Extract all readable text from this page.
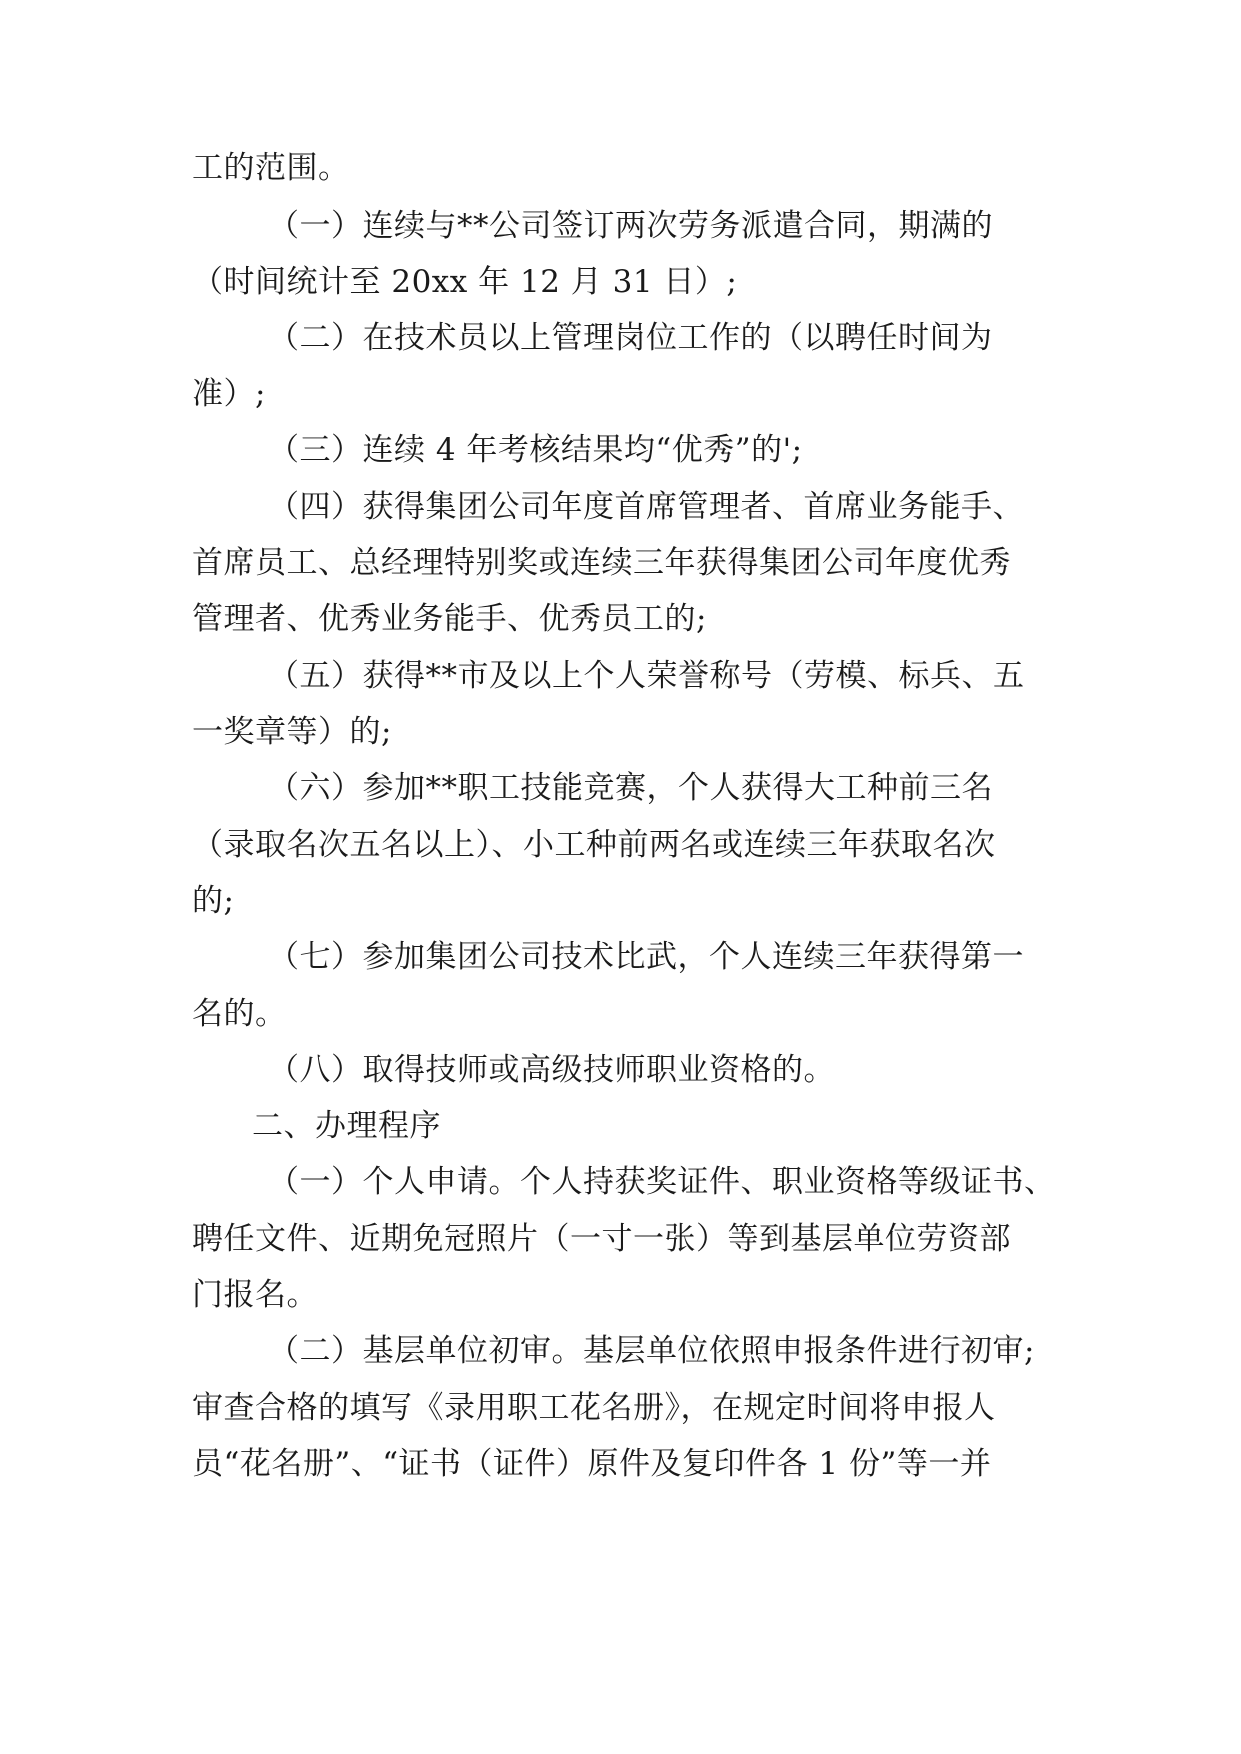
工的范围。
（一）连续与**公司签订两次劳务派遣合同，期满的
（时间统计至 20xx 年 12 月 31 日）;
（二）在技术员以上管理岗位工作的（以聘任时间为
准）;
（三）连续 4 年考核结果均“优秀”的';
（四）获得集团公司年度首席管理者、首席业务能手、
首席员工、总经理特别奖或连续三年获得集团公司年度优秀
管理者、优秀业务能手、优秀员工的;
（五）获得**市及以上个人荣誉称号（劳模、标兵、五
一奖章等）的;
（六）参加**职工技能竞赛，个人获得大工种前三名
（录取名次五名以上）、小工种前两名或连续三年获取名次
的;
（七）参加集团公司技术比武，个人连续三年获得第一
名的。
（八）取得技师或高级技师职业资格的。
二、办理程序
（一）个人申请。个人持获奖证件、职业资格等级证书、
聘任文件、近期免冠照片（一寸一张）等到基层单位劳资部
门报名。
（二）基层单位初审。基层单位依照申报条件进行初审;
审查合格的填写《录用职工花名册》，在规定时间将申报人
员“花名册”、“证书（证件）原件及复印件各 1 份”等一并
